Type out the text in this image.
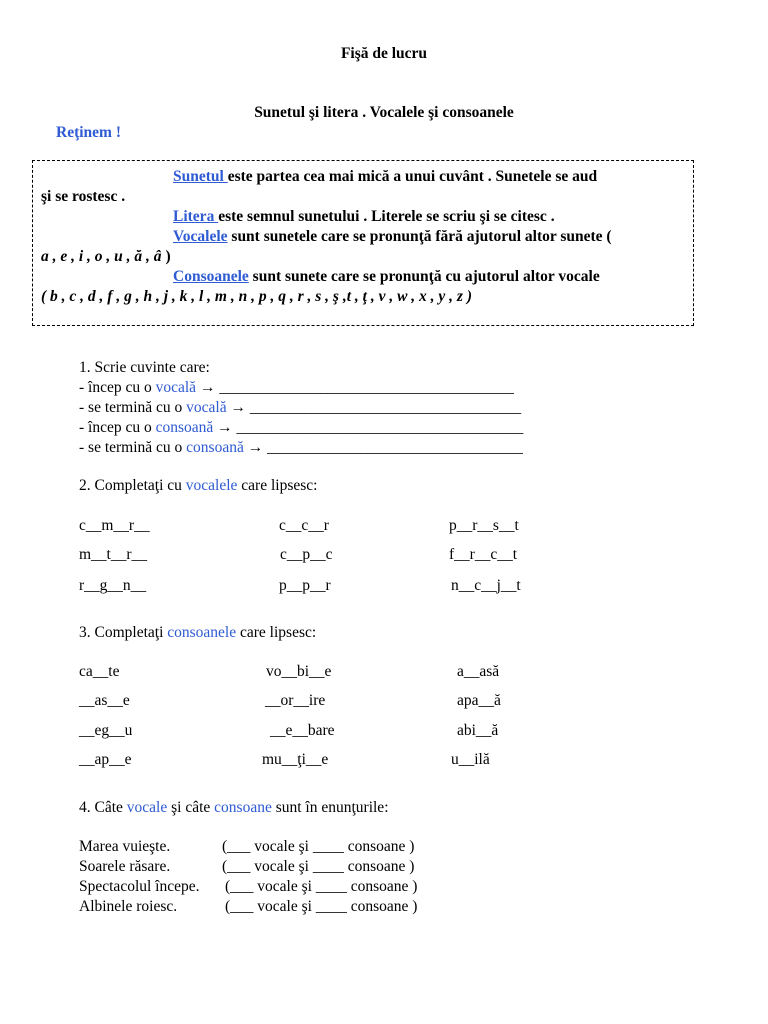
Fişă de lucru
Sunetul şi litera . Vocalele şi consoanele
Reţinem !
Sunetul este partea cea mai mică a unui cuvânt . Sunetele se aud
şi se rostesc .
Litera este semnul sunetului . Literele se scriu şi se citesc .
Vocalele sunt sunetele care se pronunţă fără ajutorul altor sunete (
a , e , i , o , u , ă , â )
Consoanele sunt sunete care se pronunţă cu ajutorul altor vocale
( b , c , d , f , g , h , j , k , l , m , n , p , q , r , s , ş ,t , ţ , v , w , x , y , z )
1. Scrie cuvinte care:
- încep cu o vocală → ______________________________________
- se termină cu o vocală → ___________________________________
- încep cu o consoană → _____________________________________
- se termină cu o consoană → _________________________________
2. Completaţi cu vocalele care lipsesc:
c__m__r__	c__c__r	p__r__s__t
m__t__r__	c__p__c	f__r__c__t
r__g__n__	p__p__r	n__c__j__t
3. Completaţi consoanele care lipsesc:
ca__te	vo__bi__e	a__asă
__as__e	__or__ire	apa__ă
__eg__u	__e__bare	abi__ă
__ap__e	mu__ţi__e	u__ilă
4. Câte vocale şi câte consoane sunt în enunţurile:
Marea vuieşte.	(___ vocale şi ____ consoane )
Soarele răsare.	(___ vocale şi ____ consoane )
Spectacolul începe. (___ vocale şi ____ consoane )
Albinele roiesc.	(___ vocale şi ____ consoane )
